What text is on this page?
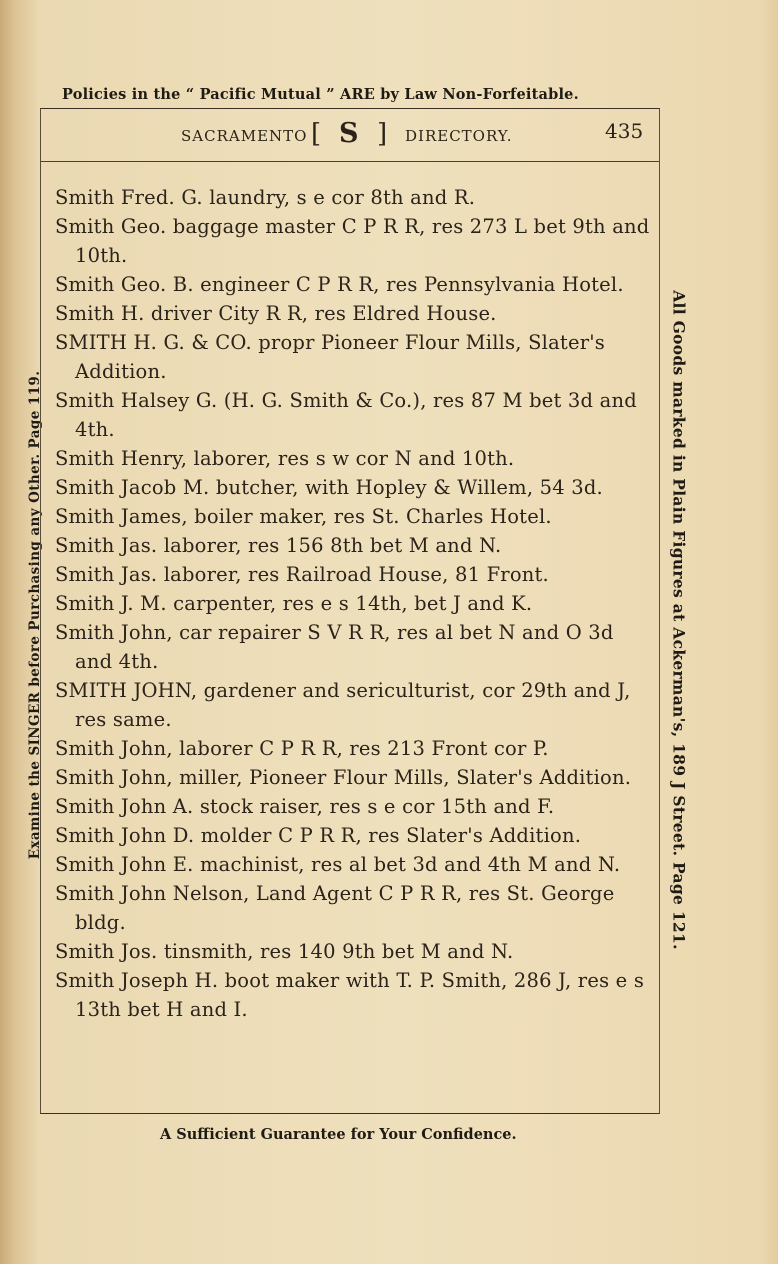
Policies in the “ Pacific Mutual ” ARE by Law Non-Forfeitable.
Examine the SINGER before Purchasing any Other. Page 119.	All Goods marked in Plain Figures at Ackerman's, 189 J Street. Page 121.
SACRAMENTO [ S ] DIRECTORY.	435
Smith Fred. G. laundry, s e cor 8th and R.
Smith Geo. baggage master C P R R, res 273 L bet 9th and 10th.
Smith Geo. B. engineer C P R R, res Pennsylvania Hotel.
Smith H. driver City R R, res Eldred House.
SMITH H. G. & CO. propr Pioneer Flour Mills, Slater's Addition.
Smith Halsey G. (H. G. Smith & Co.), res 87 M bet 3d and 4th.
Smith Henry, laborer, res s w cor N and 10th.
Smith Jacob M. butcher, with Hopley & Willem, 54 3d.
Smith James, boiler maker, res St. Charles Hotel.
Smith Jas. laborer, res 156 8th bet M and N.
Smith Jas. laborer, res Railroad House, 81 Front.
Smith J. M. carpenter, res e s 14th, bet J and K.
Smith John, car repairer S V R R, res al bet N and O 3d and 4th.
SMITH JOHN, gardener and sericulturist, cor 29th and J, res same.
Smith John, laborer C P R R, res 213 Front cor P.
Smith John, miller, Pioneer Flour Mills, Slater's Addition.
Smith John A. stock raiser, res s e cor 15th and F.
Smith John D. molder C P R R, res Slater's Addition.
Smith John E. machinist, res al bet 3d and 4th M and N.
Smith John Nelson, Land Agent C P R R, res St. George bldg.
Smith Jos. tinsmith, res 140 9th bet M and N.
Smith Joseph H. boot maker with T. P. Smith, 286 J, res e s 13th bet H and I.
A Sufficient Guarantee for Your Confidence.
